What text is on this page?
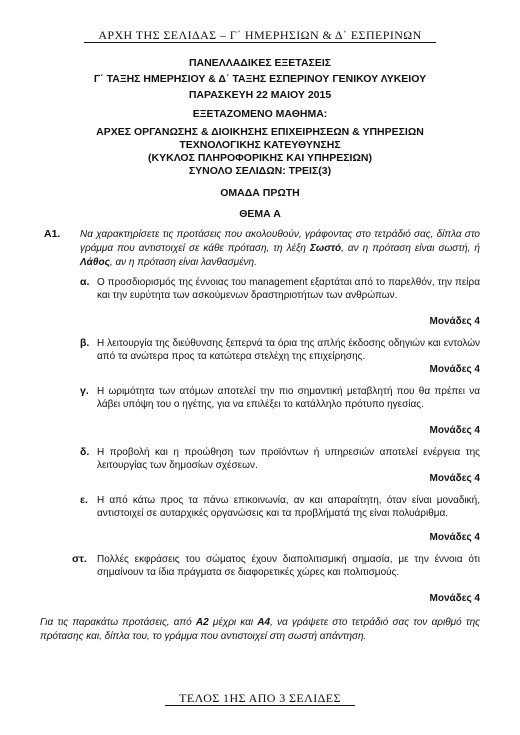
ΑΡΧΗ ΤΗΣ ΣΕΛΙΔΑΣ – Γ΄ ΗΜΕΡΗΣΙΩΝ & Δ΄ ΕΣΠΕΡΙΝΩΝ
ΠΑΝΕΛΛΑΔΙΚΕΣ ΕΞΕΤΑΣΕΙΣ
Γ΄ ΤΑΞΗΣ ΗΜΕΡΗΣΙΟΥ & Δ΄ ΤΑΞΗΣ ΕΣΠΕΡΙΝΟΥ ΓΕΝΙΚΟΥ ΛΥΚΕΙΟΥ
ΠΑΡΑΣΚΕΥΗ 22 ΜΑΙΟΥ 2015
ΕΞΕΤΑΖΟΜΕΝΟ ΜΑΘΗΜΑ:
ΑΡΧΕΣ ΟΡΓΑΝΩΣΗΣ & ΔΙΟΙΚΗΣΗΣ ΕΠΙΧΕΙΡΗΣΕΩΝ & ΥΠΗΡΕΣΙΩΝ
ΤΕΧΝΟΛΟΓΙΚΗΣ ΚΑΤΕΥΘΥΝΣΗΣ
(ΚΥΚΛΟΣ ΠΛΗΡΟΦΟΡΙΚΗΣ ΚΑΙ ΥΠΗΡΕΣΙΩΝ)
ΣΥΝΟΛΟ ΣΕΛΙΔΩΝ: ΤΡΕΙΣ(3)
ΟΜΑΔΑ ΠΡΩΤΗ
ΘΕΜΑ Α
Α1. Να χαρακτηρίσετε τις προτάσεις που ακολουθούν, γράφοντας στο τετράδιό σας, δίπλα στο γράμμα που αντιστοιχεί σε κάθε πρόταση, τη λέξη Σωστό, αν η πρόταση είναι σωστή, ή Λάθος, αν η πρόταση είναι λανθασμένη.
α. Ο προσδιορισμός της έννοιας του management εξαρτάται από το παρελθόν, την πείρα και την ευρύτητα των ασκούμενων δραστηριοτήτων των ανθρώπων.
Μονάδες 4
β. Η λειτουργία της διεύθυνσης ξεπερνά τα όρια της απλής έκδοσης οδηγιών και εντολών από τα ανώτερα προς τα κατώτερα στελέχη της επιχείρησης.
Μονάδες 4
γ. Η ωριμότητα των ατόμων αποτελεί την πιο σημαντική μεταβλητή που θα πρέπει να λάβει υπόψη του ο ηγέτης, για να επιλέξει το κατάλληλο πρότυπο ηγεσίας.
Μονάδες 4
δ. Η προβολή και η προώθηση των προϊόντων ή υπηρεσιών αποτελεί ενέργεια της λειτουργίας των δημοσίων σχέσεων.
Μονάδες 4
ε. Η από κάτω προς τα πάνω επικοινωνία, αν και απαραίτητη, όταν είναι μοναδική, αντιστοιχεί σε αυταρχικές οργανώσεις και τα προβλήματά της είναι πολυάριθμα.
Μονάδες 4
στ. Πολλές εκφράσεις του σώματος έχουν διαπολιτισμική σημασία, με την έννοια ότι σημαίνουν τα ίδια πράγματα σε διαφορετικές χώρες και πολιτισμούς.
Μονάδες 4
Για τις παρακάτω προτάσεις, από Α2 μέχρι και Α4, να γράψετε στο τετράδιό σας τον αριθμό της πρότασης και, δίπλα του, το γράμμα που αντιστοιχεί στη σωστή απάντηση.
ΤΕΛΟΣ 1ΗΣ ΑΠΟ 3 ΣΕΛΙΔΕΣ
